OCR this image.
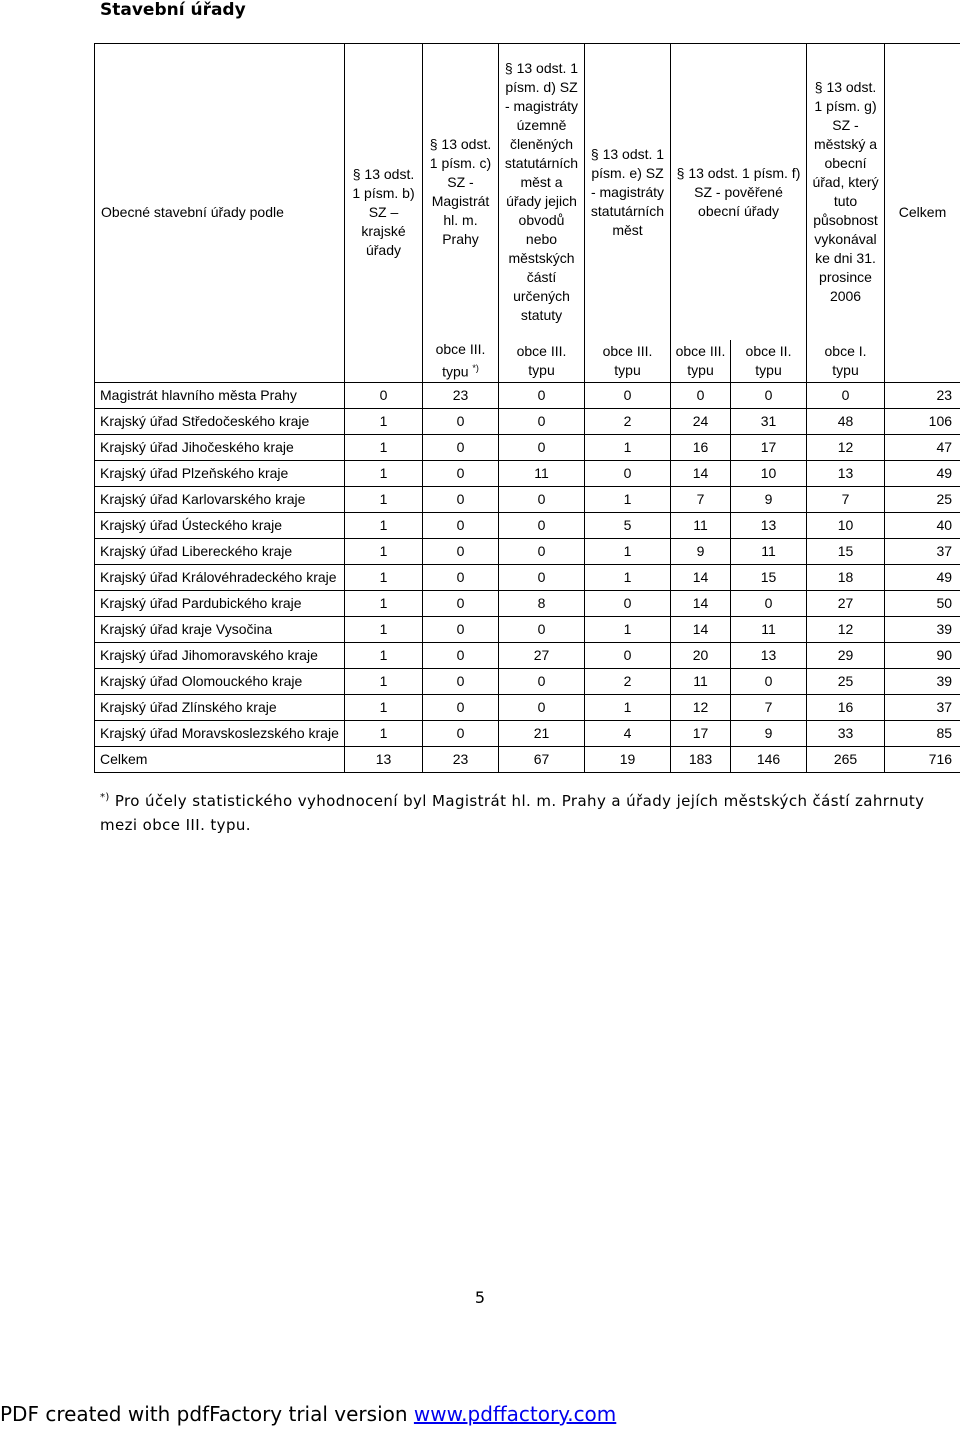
Stavební úřady
Obecné stavební úřady podle	§ 13 odst. 1 písm. b) SZ – krajské úřady	§ 13 odst. 1 písm. c) SZ - Magistrát hl. m. Prahy	§ 13 odst. 1 písm. d) SZ - magistráty územně členěných statutárních měst a úřady jejich obvodů nebo městských částí určených statuty	§ 13 odst. 1 písm. e) SZ - magistráty statutárních měst	§ 13 odst. 1 písm. f) SZ - pověřené obecní úřady		§ 13 odst. 1 písm. g) SZ - městský a obecní úřad, který tuto působnost vykonával ke dni 31. prosince 2006	Celkem
		obce III. typu *)	obce III. typu	obce III. typu	obce III. typu	obce II. typu	obce I. typu	
Magistrát hlavního města Prahy	0	23	0	0	0	0	0	23
Krajský úřad Středočeského kraje	1	0	0	2	24	31	48	106
Krajský úřad Jihočeského kraje	1	0	0	1	16	17	12	47
Krajský úřad Plzeňského kraje	1	0	11	0	14	10	13	49
Krajský úřad Karlovarského kraje	1	0	0	1	7	9	7	25
Krajský úřad Ústeckého kraje	1	0	0	5	11	13	10	40
Krajský úřad Libereckého kraje	1	0	0	1	9	11	15	37
Krajský úřad Královéhradeckého kraje	1	0	0	1	14	15	18	49
Krajský úřad Pardubického kraje	1	0	8	0	14	0	27	50
Krajský úřad kraje Vysočina	1	0	0	1	14	11	12	39
Krajský úřad Jihomoravského kraje	1	0	27	0	20	13	29	90
Krajský úřad Olomouckého kraje	1	0	0	2	11	0	25	39
Krajský úřad Zlínského kraje	1	0	0	1	12	7	16	37
Krajský úřad Moravskoslezského kraje	1	0	21	4	17	9	33	85
Celkem	13	23	67	19	183	146	265	716
*) Pro účely statistického vyhodnocení byl Magistrát hl. m. Prahy a úřady jejích městských částí zahrnuty mezi obce III. typu.
5
PDF created with pdfFactory trial version www.pdffactory.com
